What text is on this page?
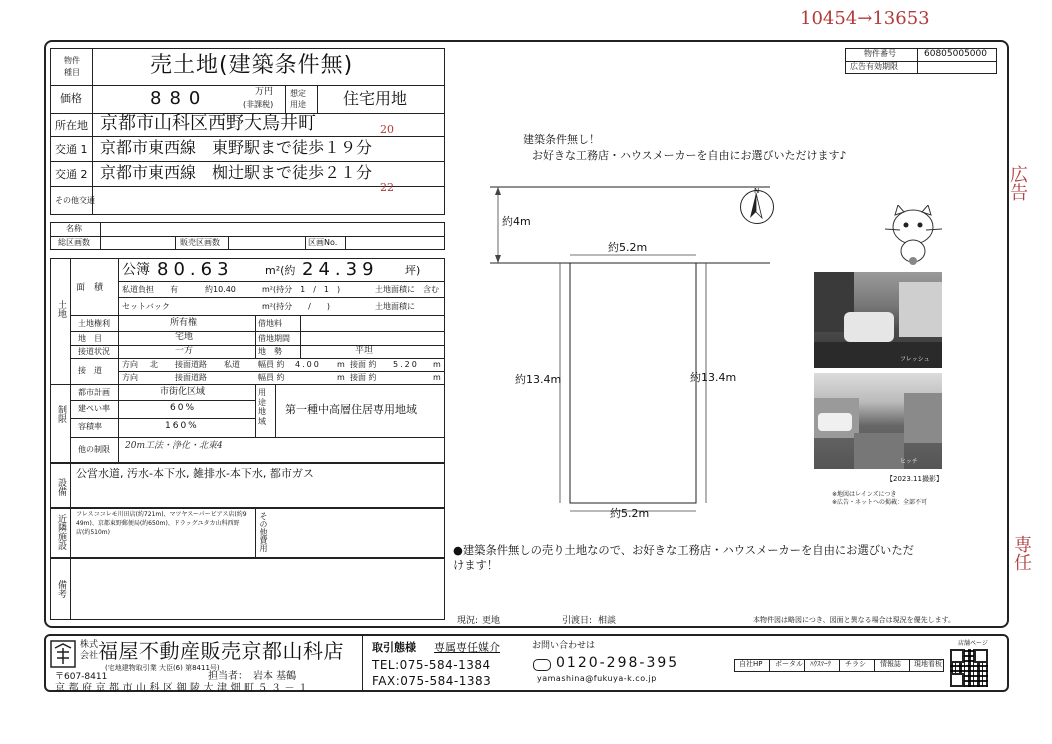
10454→13653
広告
専任
物件
種目	売土地(建築条件無)
価格	880	万円
(非課税)
想定
用途 住宅用地
所在地 京都市山科区西野大鳥井町
交通 1 京都市東西線　東野駅まで徒歩１９分
20
交通 2 京都市東西線　椥辻駅まで徒歩２１分
22
その他交通
名称
総区画数	販売区画数	区画No.
土地
面　積
公簿 80.63	m²(約 24.39 坪)
私道負担 有	約10.40	m²(持分　1　/　1　)	土地面積に 含む
セットバック	m²(持分　　/　　)	土地面積に
土地権利	所有権	借地料
地　目	宅地	借地期間
接道状況	一方	地　勢	平坦
接　道
方向 北 接面道路 私道 幅員 約 4.00 m 接面 約 5.20 m
方向	接面道路	幅員 約	m 接面 約	m
制限
都市計画	市街化区域	用途地域
第一種中高層住居専用地域
建ぺい率	60%
容積率	160%
他の制限 20m工法・浄化・北東4
設備
公営水道, 汚水-本下水, 雑排水-本下水, 都市ガス
近隣施設 フレスココレモ川田店(約721m)、マツヤスーパービアス店(約9
49m)、京都東野郵便局(約650m)、ドラッグユタカ山科西野
店(約510m)	その他費用
備考
物件番号	60805005000
広告有効期限
建築条件無し！
お好きな工務店・ハウスメーカーを自由にお選びいただけます♪
約4m
約5.2m
約13.4m	約13.4m
約5.2m
N
フレッシュ
ヒッチ
【2023.11撮影】
※地図はレインズにつき
※広告・ネットへの掲載：全部不可
●建築条件無しの売り土地なので、お好きな工務店・ハウスメーカーを自由にお選びいただ
けます！
現況: 更地	引渡日: 相談	本物件図は略図につき、図面と異なる場合は現況を優先します。
株式
会社 福屋不動産販売京都山科店
(宅地建物取引業 大臣(6) 第8411号)
〒607-8411	担当者： 岩本 基鶴
京都府京都市山科区御陵大津畑町５３－１
取引態様 専属専任媒介	お問い合わせは
TEL:075-584-1384
FAX:075-584-1383
0120-298-395
yamashina@fukuya-k.co.jp
自社HP ポータル ﾊｳｽﾏｰｸ チラシ 情報誌 現地看板
店舗ページ
